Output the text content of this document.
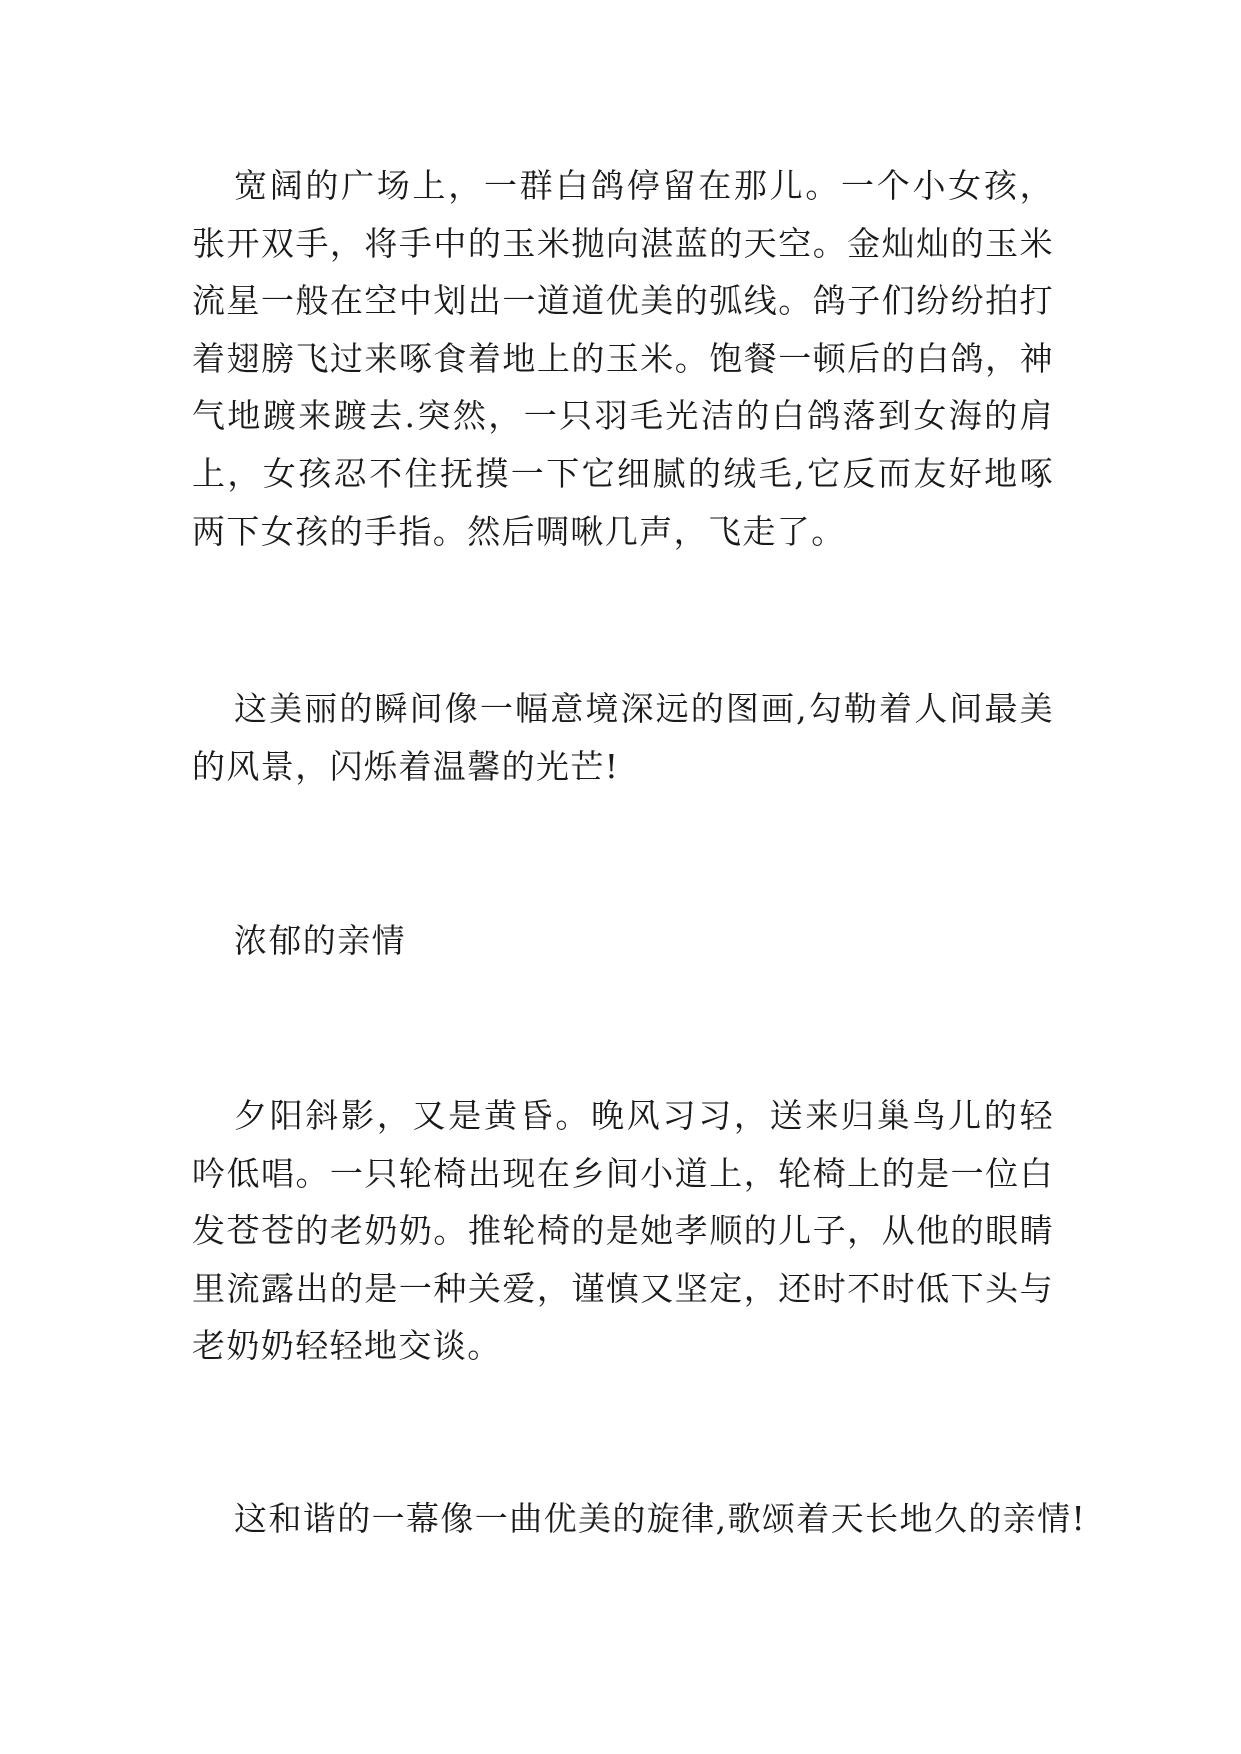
宽阔的广场上，一群白鸽停留在那儿。一个小女孩，张开双手，将手中的玉米抛向湛蓝的天空。金灿灿的玉米流星一般在空中划出一道道优美的弧线。鸽子们纷纷拍打着翅膀飞过来啄食着地上的玉米。饱餐一顿后的白鸽，神气地踱来踱去.突然，一只羽毛光洁的白鸽落到女海的肩上，女孩忍不住抚摸一下它细腻的绒毛,它反而友好地啄两下女孩的手指。然后啁啾几声，飞走了。

这美丽的瞬间像一幅意境深远的图画,勾勒着人间最美的风景，闪烁着温馨的光芒!

浓郁的亲情

夕阳斜影，又是黄昏。晚风习习，送来归巢鸟儿的轻吟低唱。一只轮椅出现在乡间小道上，轮椅上的是一位白发苍苍的老奶奶。推轮椅的是她孝顺的儿子，从他的眼睛里流露出的是一种关爱，谨慎又坚定，还时不时低下头与老奶奶轻轻地交谈。

这和谐的一幕像一曲优美的旋律,歌颂着天长地久的亲情!
